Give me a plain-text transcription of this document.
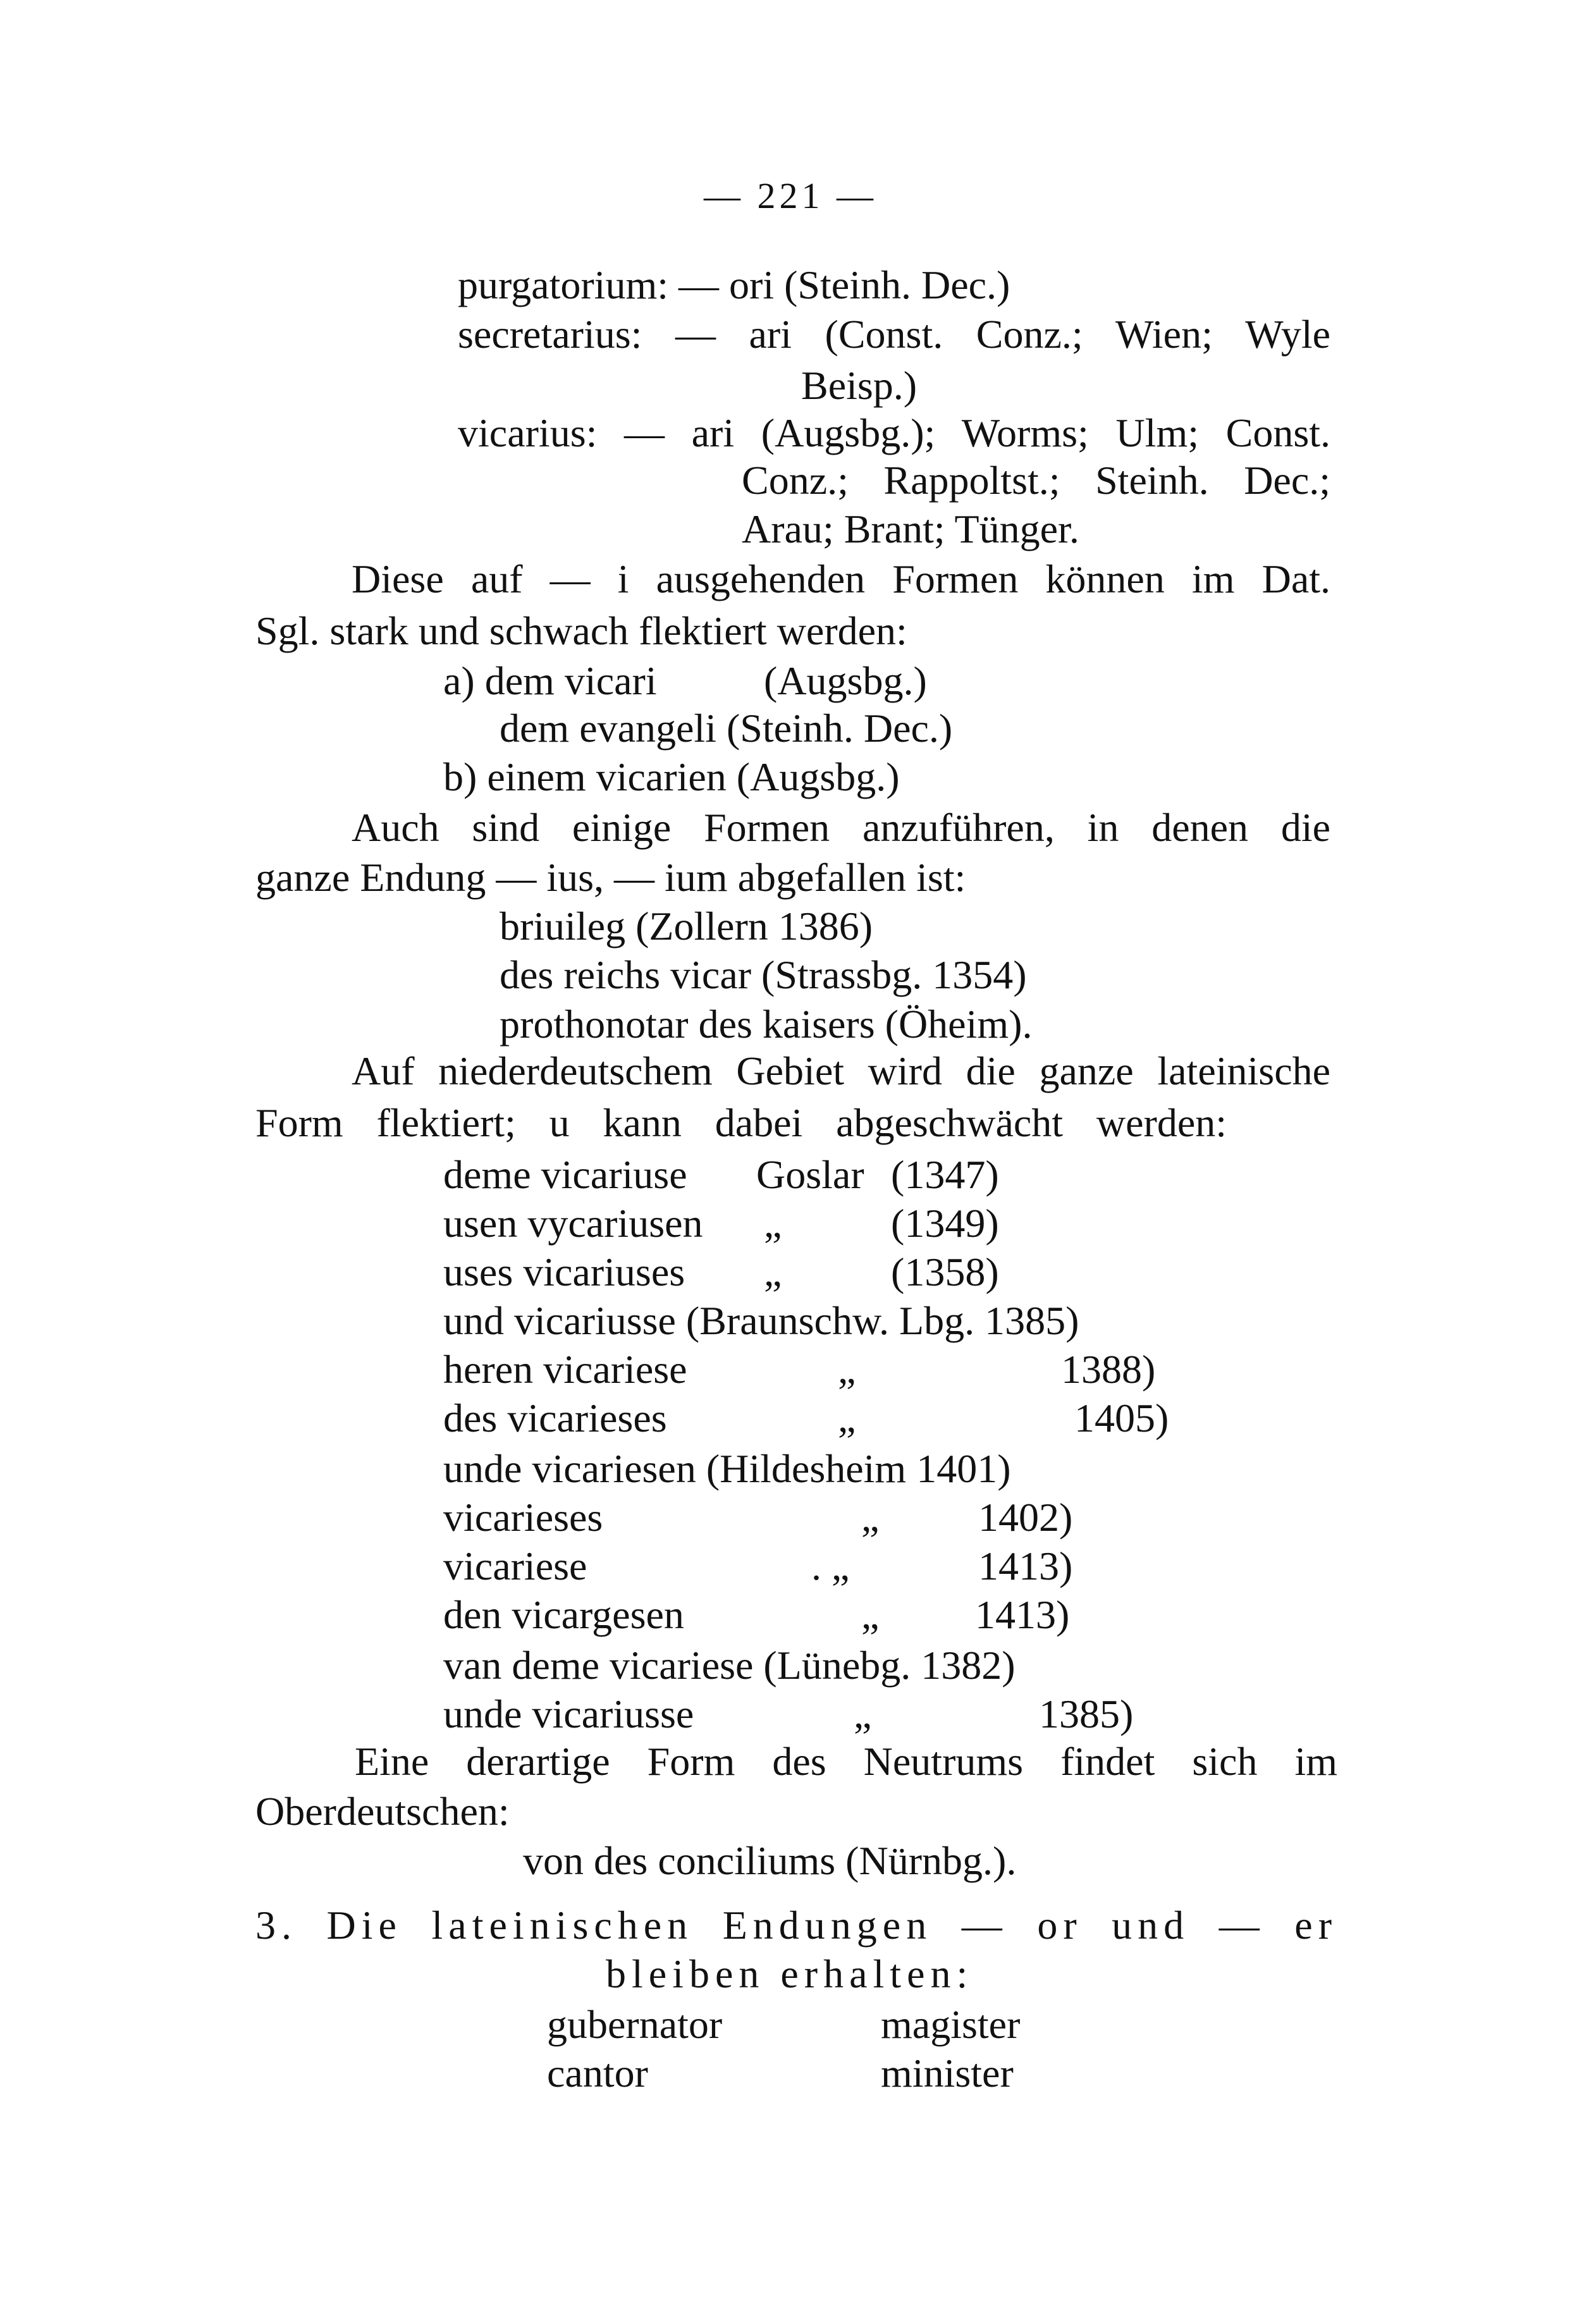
— 221 —
purgatorium: — ori (Steinh. Dec.)
secretarius: — ari (Const. Conz.; Wien; Wyle
Beisp.)
vicarius: — ari (Augsbg.); Worms; Ulm; Const.
Conz.; Rappoltst.; Steinh. Dec.;
Arau; Brant; Tünger.
Diese auf — i ausgehenden Formen können im Dat.
Sgl. stark und schwach flektiert werden:
a) dem vicari	(Augsbg.)
dem evangeli (Steinh. Dec.)
b) einem vicarien (Augsbg.)
Auch sind einige Formen anzuführen, in denen die
ganze Endung — ius, — ium abgefallen ist:
briuileg (Zollern 1386)
des reichs vicar (Strassbg. 1354)
prothonotar des kaisers (Öheim).
Auf niederdeutschem Gebiet wird die ganze lateinische
Form flektiert; u kann dabei abgeschwächt werden:
deme vicariuse Goslar (1347)
usen vycariusen „	(1349)
uses vicariuses „	(1358)
und vicariusse (Braunschw. Lbg. 1385)
heren vicariese	„	1388)
des vicarieses	„	1405)
unde vicariesen (Hildesheim 1401)
vicarieses	„ 1402)
vicariese	. „	1413)
den vicargesen	„ 1413)
van deme vicariese (Lünebg. 1382)
unde vicariusse	„	1385)
Eine derartige Form des Neutrums findet sich im
Oberdeutschen:
von des conciliums (Nürnbg.).
3. Die lateinischen Endungen — or und — er
bleiben erhalten:
gubernator	magister
cantor	minister
